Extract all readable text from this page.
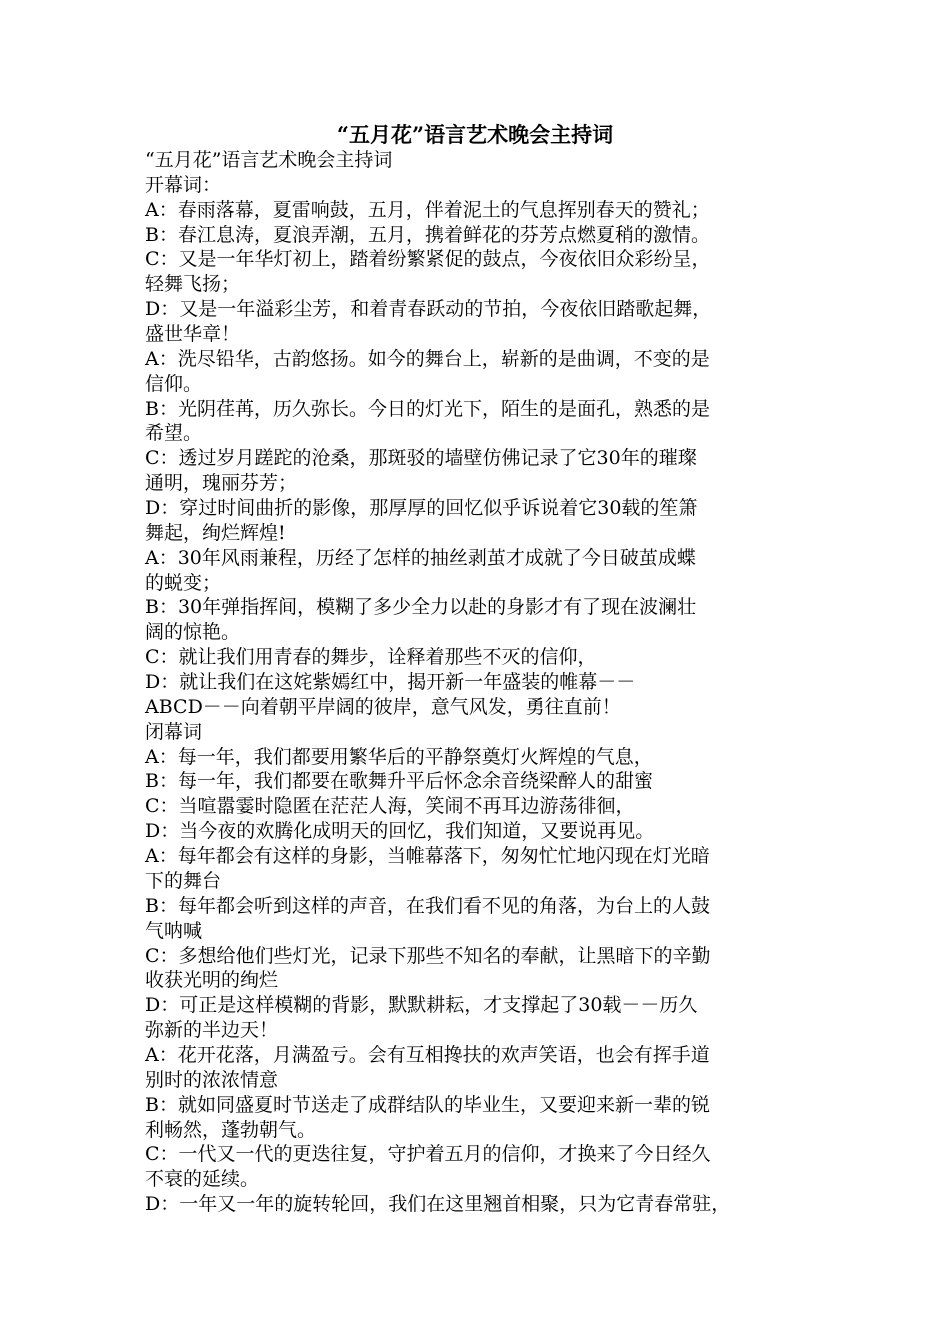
“五月花”语言艺术晚会主持词
“五月花”语言艺术晚会主持词
开幕词：
A：春雨落幕，夏雷响鼓，五月，伴着泥土的气息挥别春天的赞礼；
B：春江息涛，夏浪弄潮，五月，携着鲜花的芬芳点燃夏稍的激情。
C：又是一年华灯初上，踏着纷繁紧促的鼓点，今夜依旧众彩纷呈，
轻舞飞扬；
D：又是一年溢彩尘芳，和着青春跃动的节拍，今夜依旧踏歌起舞，
盛世华章！
A：洗尽铅华，古韵悠扬。如今的舞台上，崭新的是曲调，不变的是
信仰。
B：光阴荏苒，历久弥长。今日的灯光下，陌生的是面孔，熟悉的是
希望。
C：透过岁月蹉跎的沧桑，那斑驳的墙壁仿佛记录了它30年的璀璨
通明，瑰丽芬芳；
D：穿过时间曲折的影像，那厚厚的回忆似乎诉说着它30载的笙箫
舞起，绚烂辉煌!
A：30年风雨兼程，历经了怎样的抽丝剥茧才成就了今日破茧成蝶
的蜕变；
B：30年弹指挥间，模糊了多少全力以赴的身影才有了现在波澜壮
阔的惊艳。
C：就让我们用青春的舞步，诠释着那些不灭的信仰，
D：就让我们在这姹紫嫣红中，揭开新一年盛装的帷幕－－
ABCD－－向着朝平岸阔的彼岸，意气风发，勇往直前！
闭幕词
A：每一年，我们都要用繁华后的平静祭奠灯火辉煌的气息，
B：每一年，我们都要在歌舞升平后怀念余音绕梁醉人的甜蜜
C：当喧嚣霎时隐匿在茫茫人海，笑闹不再耳边游荡徘徊，
D：当今夜的欢腾化成明天的回忆，我们知道，又要说再见。
A：每年都会有这样的身影，当帷幕落下，匆匆忙忙地闪现在灯光暗
下的舞台
B：每年都会听到这样的声音，在我们看不见的角落，为台上的人鼓
气呐喊
C：多想给他们些灯光，记录下那些不知名的奉献，让黑暗下的辛勤
收获光明的绚烂
D：可正是这样模糊的背影，默默耕耘，才支撑起了30载－－历久
弥新的半边天！
A：花开花落，月满盈亏。会有互相搀扶的欢声笑语，也会有挥手道
别时的浓浓情意
B：就如同盛夏时节送走了成群结队的毕业生，又要迎来新一辈的锐
利畅然，蓬勃朝气。
C：一代又一代的更迭往复，守护着五月的信仰，才换来了今日经久
不衰的延续。
D：一年又一年的旋转轮回，我们在这里翘首相聚，只为它青春常驻，
